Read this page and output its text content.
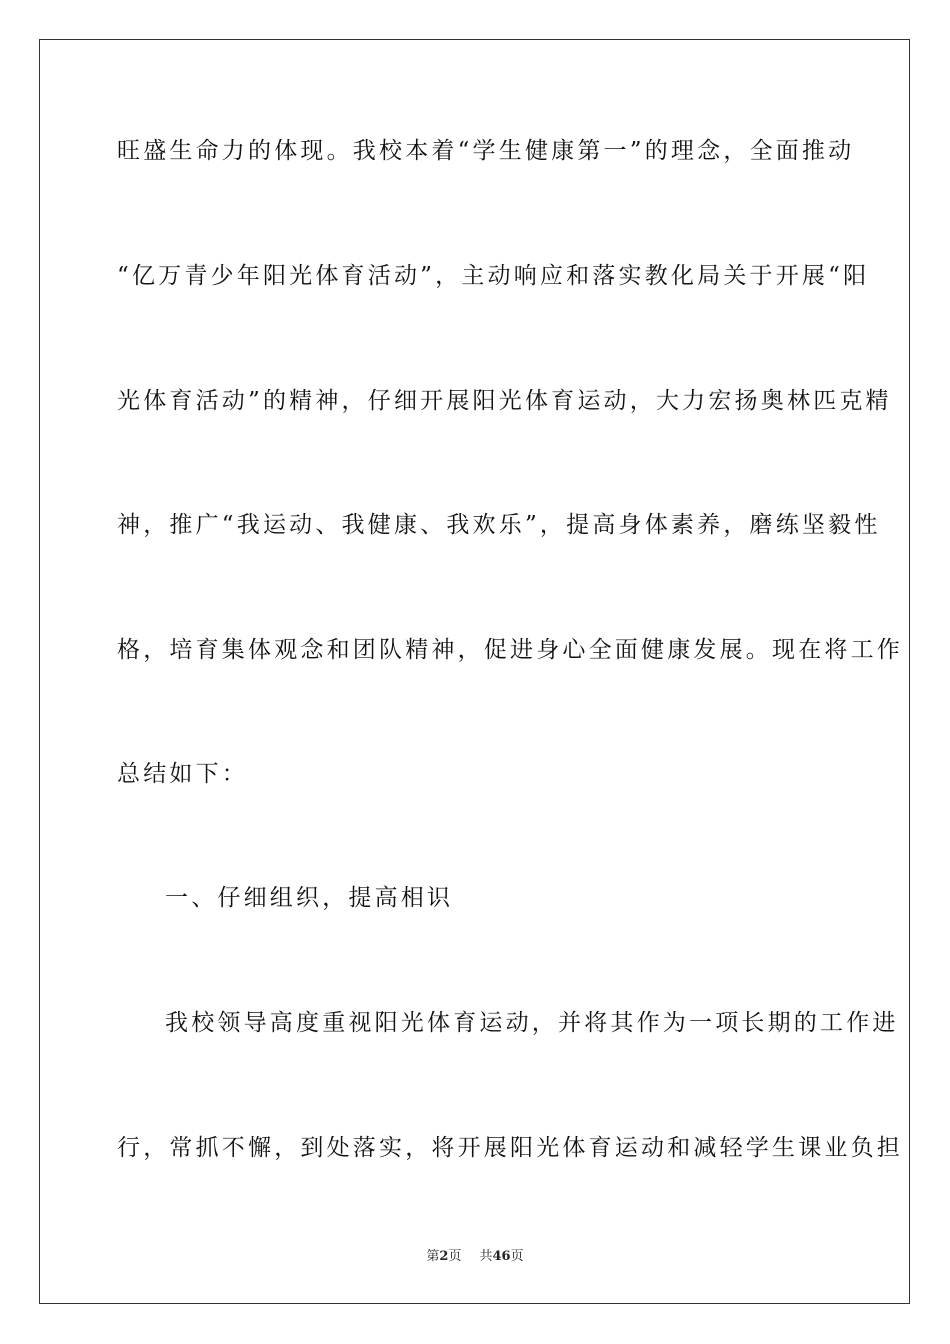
旺盛生命力的体现。我校本着“学生健康第一”的理念，全面推动
“亿万青少年阳光体育活动”，主动响应和落实教化局关于开展“阳
光体育活动”的精神，仔细开展阳光体育运动，大力宏扬奥林匹克精
神，推广“我运动、我健康、我欢乐”，提高身体素养，磨练坚毅性
格，培育集体观念和团队精神，促进身心全面健康发展。现在将工作
总结如下：
一、仔细组织，提高相识
我校领导高度重视阳光体育运动，并将其作为一项长期的工作进
行，常抓不懈，到处落实，将开展阳光体育运动和减轻学生课业负担
第2页 共46页
